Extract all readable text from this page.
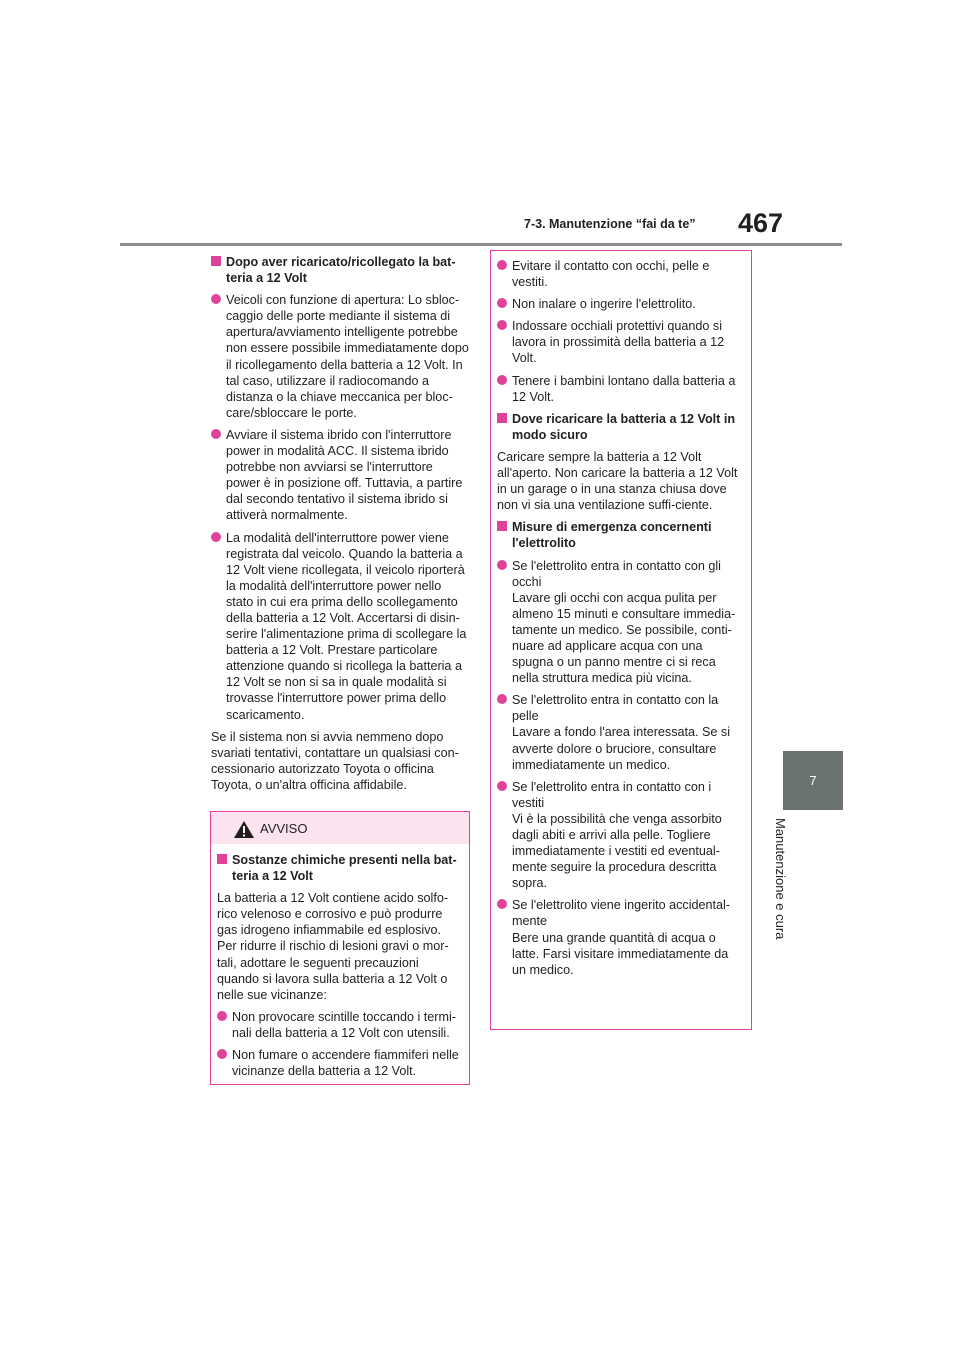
7-3. Manutenzione “fai da te” 467
7
Manutenzione e cura
Dopo aver ricaricato/ricollegato la bat-teria a 12 Volt
Veicoli con funzione di apertura: Lo sbloc-caggio delle porte mediante il sistema di apertura/avviamento intelligente potrebbe non essere possibile immediatamente dopo il ricollegamento della batteria a 12 Volt. In tal caso, utilizzare il radiocomando a distanza o la chiave meccanica per bloc-care/sbloccare le porte.
Avviare il sistema ibrido con l'interruttore power in modalità ACC. Il sistema ibrido potrebbe non avviarsi se l'interruttore power è in posizione off. Tuttavia, a partire dal secondo tentativo il sistema ibrido si attiverà normalmente.
La modalità dell'interruttore power viene registrata dal veicolo. Quando la batteria a 12 Volt viene ricollegata, il veicolo riporterà la modalità dell'interruttore power nello stato in cui era prima dello scollegamento della batteria a 12 Volt. Accertarsi di disin-serire l'alimentazione prima di scollegare la batteria a 12 Volt. Prestare particolare attenzione quando si ricollega la batteria a 12 Volt se non si sa in quale modalità si trovasse l'interruttore power prima dello scaricamento.
Se il sistema non si avvia nemmeno dopo svariati tentativi, contattare un qualsiasi con-cessionario autorizzato Toyota o officina Toyota, o un'altra officina affidabile.
AVVISO
Sostanze chimiche presenti nella bat-teria a 12 Volt
La batteria a 12 Volt contiene acido solfo-rico velenoso e corrosivo e può produrre gas idrogeno infiammabile ed esplosivo. Per ridurre il rischio di lesioni gravi o mor-tali, adottare le seguenti precauzioni quando si lavora sulla batteria a 12 Volt o nelle sue vicinanze:
Non provocare scintille toccando i termi-nali della batteria a 12 Volt con utensili.
Non fumare o accendere fiammiferi nelle vicinanze della batteria a 12 Volt.
Evitare il contatto con occhi, pelle e vestiti.
Non inalare o ingerire l'elettrolito.
Indossare occhiali protettivi quando si lavora in prossimità della batteria a 12 Volt.
Tenere i bambini lontano dalla batteria a 12 Volt.
Dove ricaricare la batteria a 12 Volt in modo sicuro
Caricare sempre la batteria a 12 Volt all'aperto. Non caricare la batteria a 12 Volt in un garage o in una stanza chiusa dove non vi sia una ventilazione suffi-ciente.
Misure di emergenza concernenti l'elettrolito
Se l'elettrolito entra in contatto con gli occhi
Lavare gli occhi con acqua pulita per almeno 15 minuti e consultare immedia-tamente un medico. Se possibile, conti-nuare ad applicare acqua con una spugna o un panno mentre ci si reca nella struttura medica più vicina.
Se l'elettrolito entra in contatto con la pelle
Lavare a fondo l'area interessata. Se si avverte dolore o bruciore, consultare immediatamente un medico.
Se l'elettrolito entra in contatto con i vestiti
Vi è la possibilità che venga assorbito dagli abiti e arrivi alla pelle. Togliere immediatamente i vestiti ed eventual-mente seguire la procedura descritta sopra.
Se l'elettrolito viene ingerito accidental-mente
Bere una grande quantità di acqua o latte. Farsi visitare immediatamente da un medico.
